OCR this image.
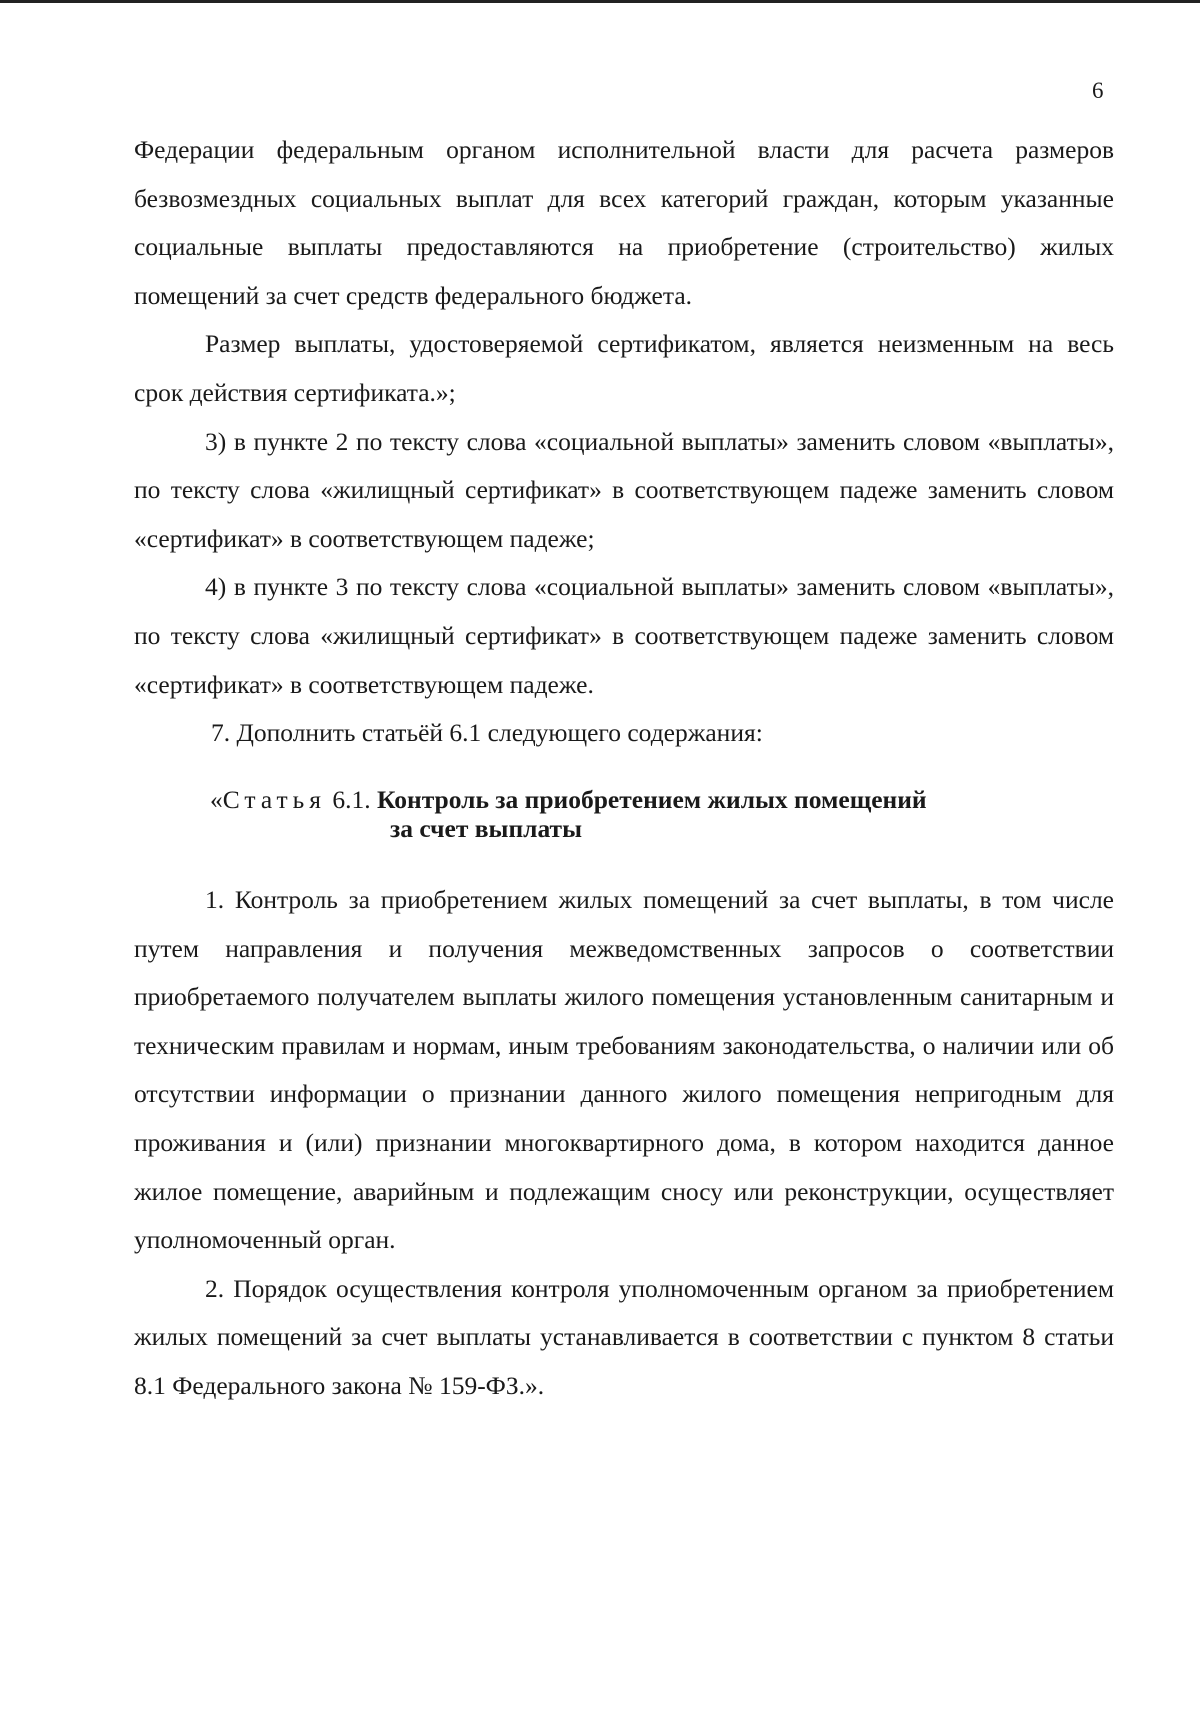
6

Федерации федеральным органом исполнительной власти для расчета размеров безвозмездных социальных выплат для всех категорий граждан, которым указанные социальные выплаты предоставляются на приобретение (строительство) жилых помещений за счет средств федерального бюджета.

Размер выплаты, удостоверяемой сертификатом, является неизменным на весь срок действия сертификата.»;

3) в пункте 2 по тексту слова «социальной выплаты» заменить словом «выплаты», по тексту слова «жилищный сертификат» в соответствующем падеже заменить словом «сертификат» в соответствующем падеже;

4) в пункте 3 по тексту слова «социальной выплаты» заменить словом «выплаты», по тексту слова «жилищный сертификат» в соответствующем падеже заменить словом «сертификат» в соответствующем падеже.

7. Дополнить статьёй 6.1 следующего содержания:

«Статья 6.1. Контроль за приобретением жилых помещений
за счет выплаты

1. Контроль за приобретением жилых помещений за счет выплаты, в том числе путем направления и получения межведомственных запросов о соответствии приобретаемого получателем выплаты жилого помещения установленным санитарным и техническим правилам и нормам, иным требованиям законодательства, о наличии или об отсутствии информации о признании данного жилого помещения непригодным для проживания и (или) признании многоквартирного дома, в котором находится данное жилое помещение, аварийным и подлежащим сносу или реконструкции, осуществляет уполномоченный орган.

2. Порядок осуществления контроля уполномоченным органом за приобретением жилых помещений за счет выплаты устанавливается в соответствии с пунктом 8 статьи 8.1 Федерального закона № 159-ФЗ.».
